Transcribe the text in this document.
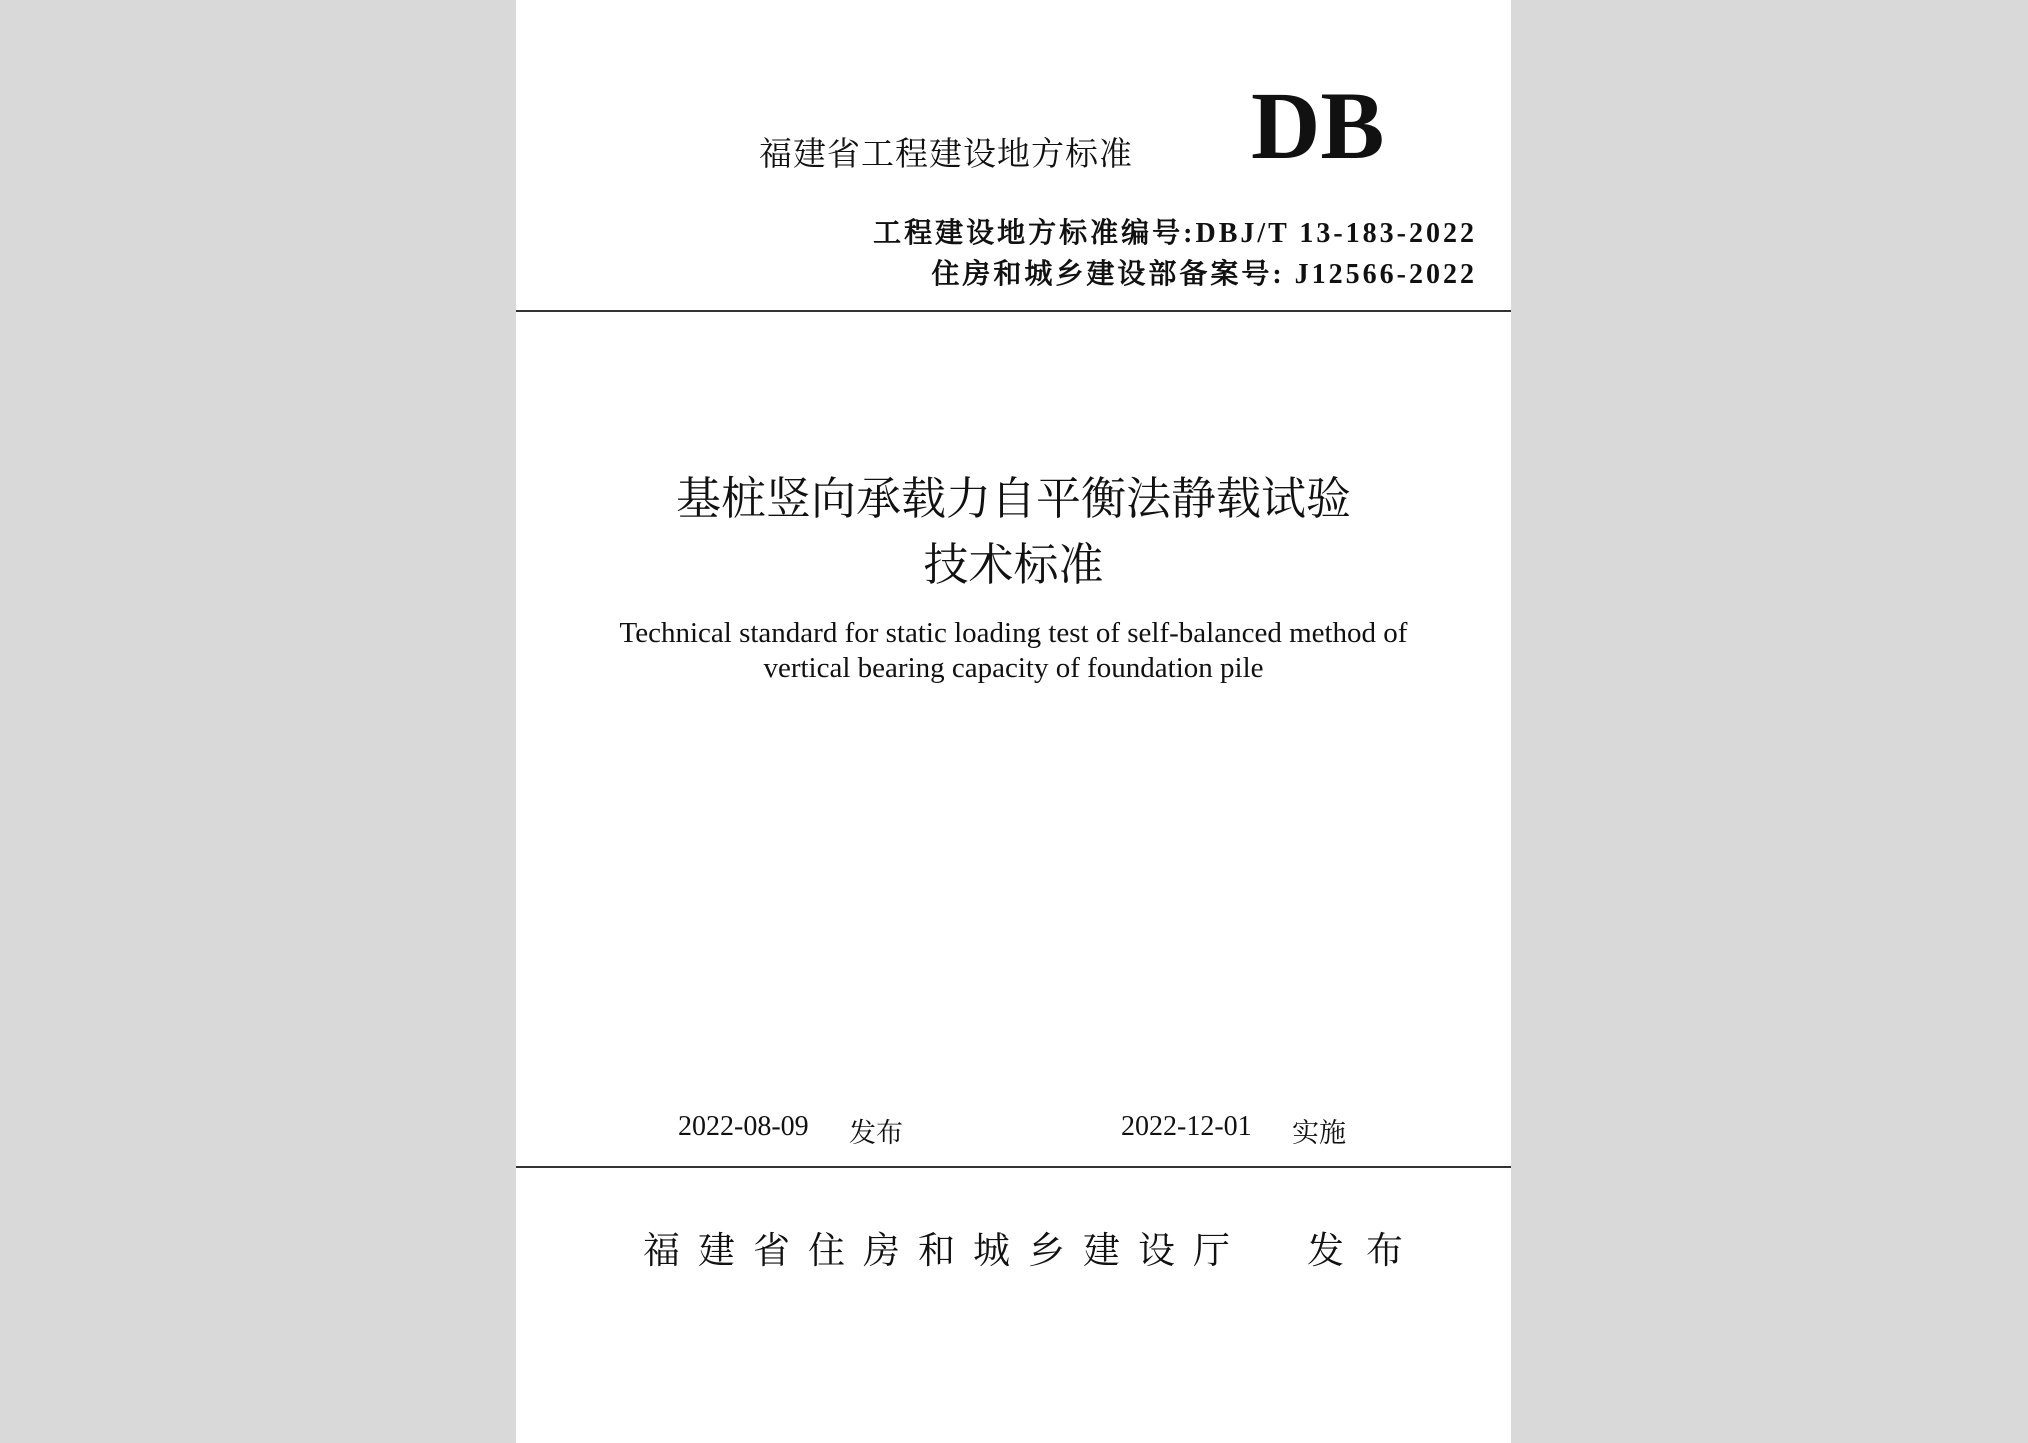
福建省工程建设地方标准 DB
工程建设地方标准编号:DBJ/T 13-183-2022
住房和城乡建设部备案号: J12566-2022
基桩竖向承载力自平衡法静载试验
技术标准
Technical standard for static loading test of self-balanced method of
vertical bearing capacity of foundation pile
2022-08-09 发布	2022-12-01 实施
福建省住房和城乡建设厅 发布
